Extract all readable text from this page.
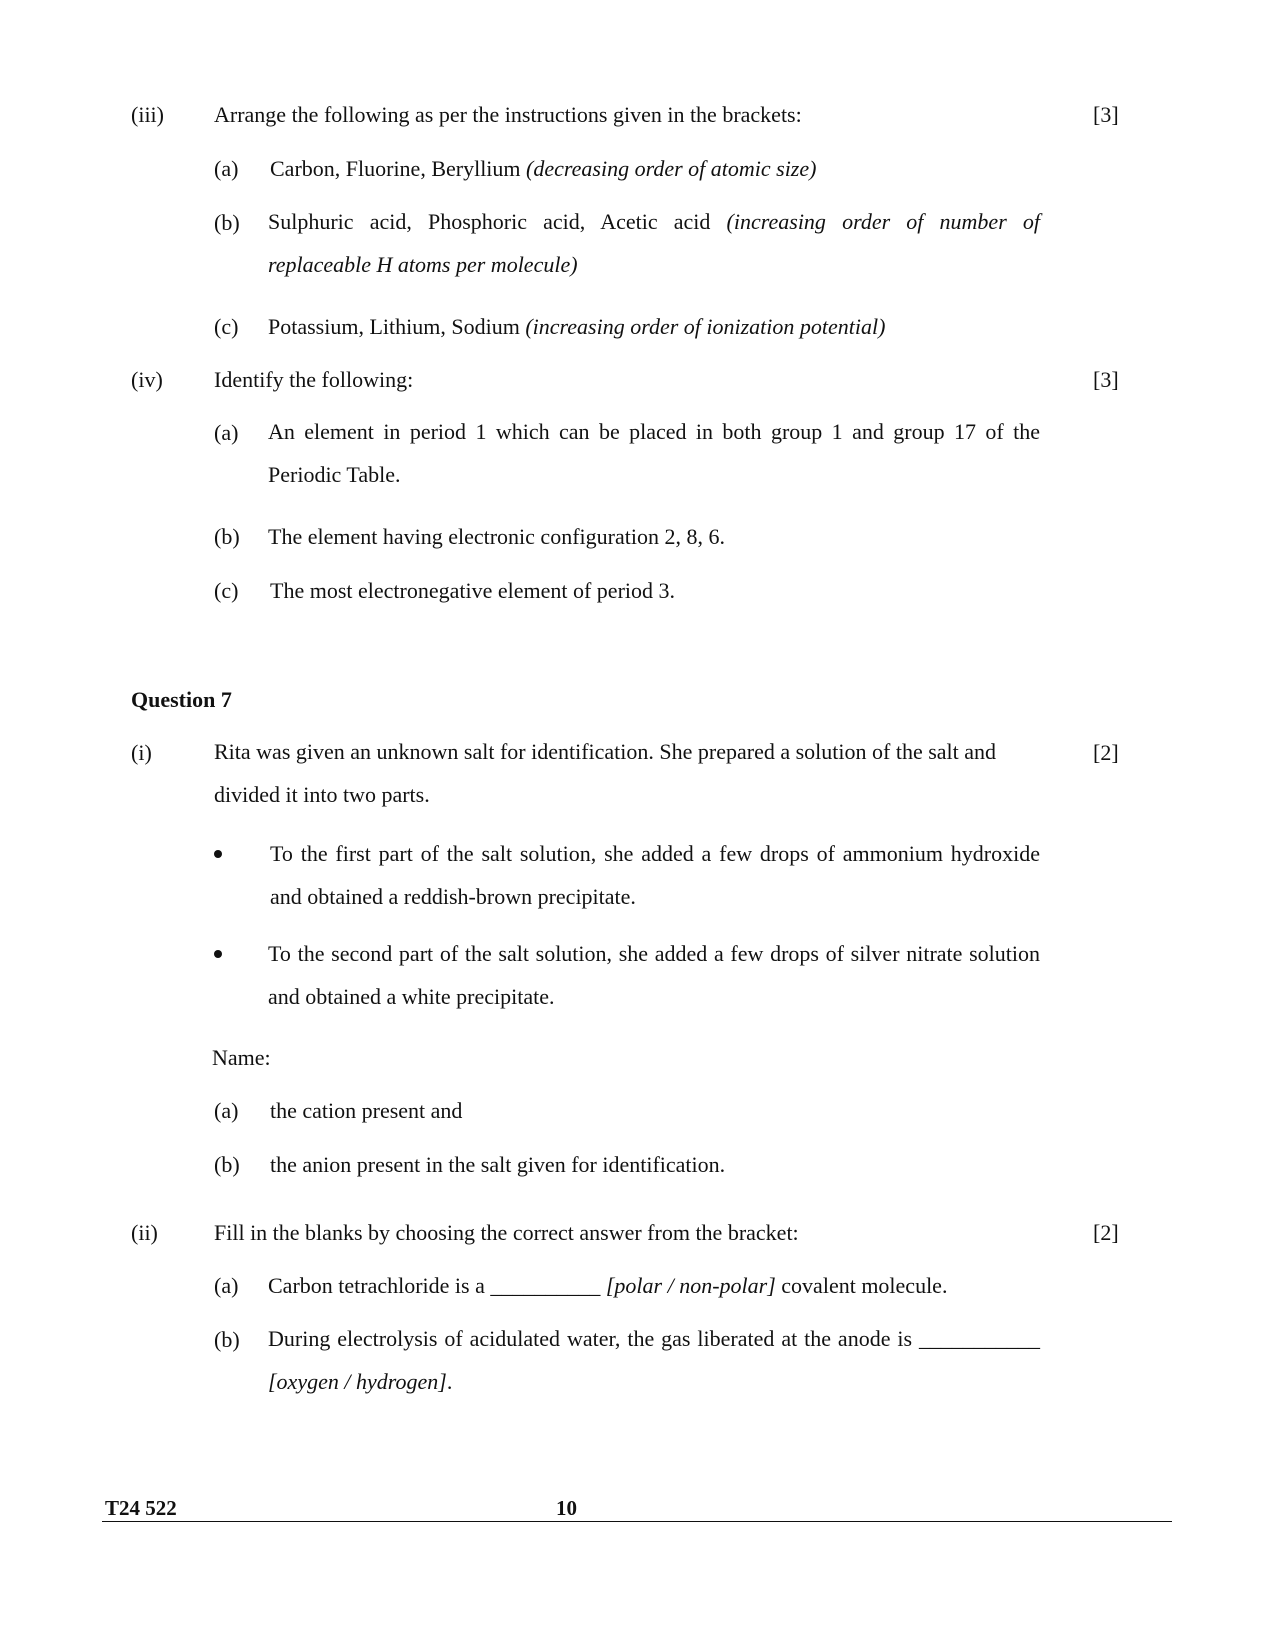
(iii) Arrange the following as per the instructions given in the brackets:	[3]
(a) Carbon, Fluorine, Beryllium (decreasing order of atomic size)
(b) Sulphuric acid, Phosphoric acid, Acetic acid (increasing order of number of replaceable H atoms per molecule)
(c) Potassium, Lithium, Sodium (increasing order of ionization potential)
(iv) Identify the following:	[3]
(a) An element in period 1 which can be placed in both group 1 and group 17 of the Periodic Table.
(b) The element having electronic configuration 2, 8, 6.
(c) The most electronegative element of period 3.
Question 7
(i)	Rita was given an unknown salt for identification. She prepared a solution of the salt and divided it into two parts.
[2]
To the first part of the salt solution, she added a few drops of ammonium hydroxide and obtained a reddish-brown precipitate.
To the second part of the salt solution, she added a few drops of silver nitrate solution and obtained a white precipitate.
Name:
(a) the cation present and
(b) the anion present in the salt given for identification.
(ii)	Fill in the blanks by choosing the correct answer from the bracket:	[2]
(a) Carbon tetrachloride is a __________ [polar / non-polar] covalent molecule.
(b) During electrolysis of acidulated water, the gas liberated at the anode is ___________ [oxygen / hydrogen].
T24 522	10
